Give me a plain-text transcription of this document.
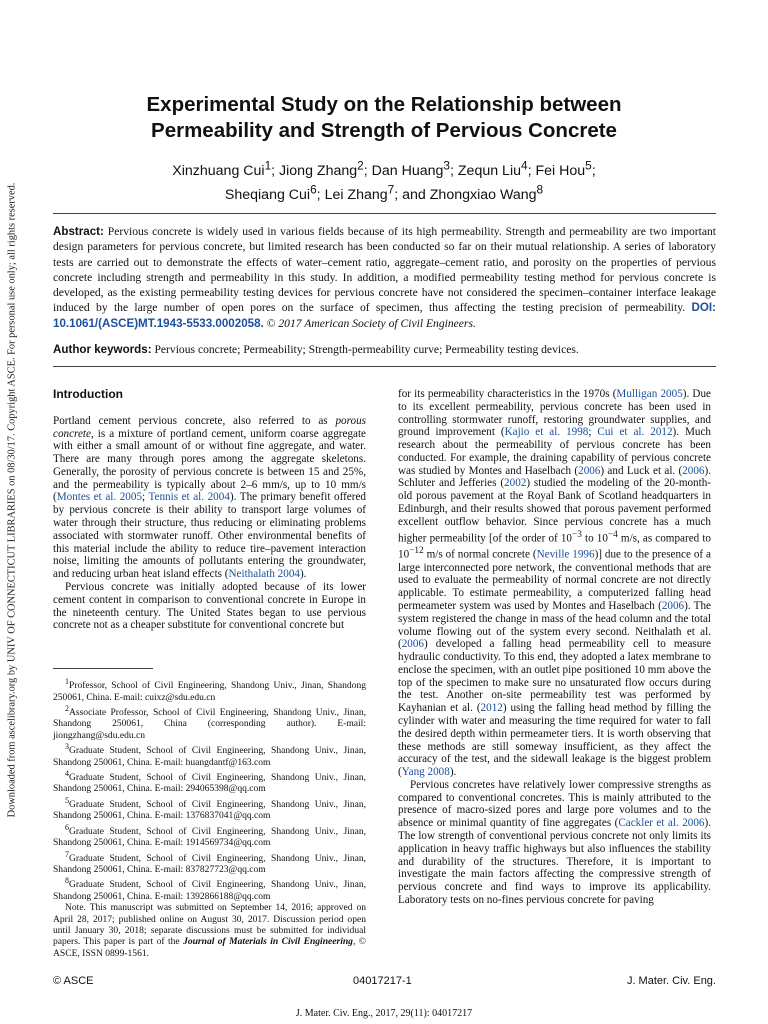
Downloaded from ascelibrary.org by UNIV OF CONNECTICUT LIBRARIES on 08/30/17. Copyright ASCE. For personal use only; all rights reserved.
Experimental Study on the Relationship between
Permeability and Strength of Pervious Concrete
Xinzhuang Cui$^1$; Jiong Zhang$^2$; Dan Huang$^3$; Zequn Liu$^4$; Fei Hou$^5$;
Sheqiang Cui$^6$; Lei Zhang$^7$; and Zhongxiao Wang$^8$

Abstract: Pervious concrete is widely used in various fields because of its high permeability. Strength and permeability are two important design parameters for pervious concrete, but limited research has been conducted so far on their mutual relationship. A series of laboratory tests are carried out to demonstrate the effects of water–cement ratio, aggregate–cement ratio, and porosity on the properties of pervious concrete including strength and permeability in this study. In addition, a modified permeability testing method for pervious concrete is developed, as the existing permeability testing devices for pervious concrete have not considered the specimen–container interface leakage induced by the large number of open pores on the surface of specimen, thus affecting the testing precision of permeability. DOI: 10.1061/(ASCE)MT.1943-5533.0002058. © 2017 American Society of Civil Engineers.

Author keywords: Pervious concrete; Permeability; Strength-permeability curve; Permeability testing devices.

Introduction

Portland cement pervious concrete, also referred to as porous concrete, is a mixture of portland cement, uniform coarse aggregate with either a small amount of or without fine aggregate, and water. There are many through pores among the aggregate skeletons. Generally, the porosity of pervious concrete is between 15 and 25%, and the permeability is typically about 2–6 mm/s, up to 10 mm/s (Montes et al. 2005; Tennis et al. 2004). The primary benefit offered by pervious concrete is their ability to transport large volumes of water through their structure, thus reducing or eliminating problems associated with stormwater runoff. Other environmental benefits of this material include the ability to reduce tire–pavement interaction noise, limiting the amounts of pollutants entering the groundwater, and reducing urban heat island effects (Neithalath 2004).

Pervious concrete was initially adopted because of its lower cement content in comparison to conventional concrete in Europe in the nineteenth century. The United States began to use pervious concrete not as a cheaper substitute for conventional concrete but

$^1$Professor, School of Civil Engineering, Shandong Univ., Jinan, Shandong 250061, China. E-mail: cuixz@sdu.edu.cn

$^2$Associate Professor, School of Civil Engineering, Shandong Univ., Jinan, Shandong 250061, China (corresponding author). E-mail: jiongzhang@sdu.edu.cn

$^3$Graduate Student, School of Civil Engineering, Shandong Univ., Jinan, Shandong 250061, China. E-mail: huangdantf@163.com

$^4$Graduate Student, School of Civil Engineering, Shandong Univ., Jinan, Shandong 250061, China. E-mail: 294065398@qq.com

$^5$Graduate Student, School of Civil Engineering, Shandong Univ., Jinan, Shandong 250061, China. E-mail: 1376837041@qq.com

$^6$Graduate Student, School of Civil Engineering, Shandong Univ., Jinan, Shandong 250061, China. E-mail: 1914569734@qq.com

$^7$Graduate Student, School of Civil Engineering, Shandong Univ., Jinan, Shandong 250061, China. E-mail: 837827723@qq.com

$^8$Graduate Student, School of Civil Engineering, Shandong Univ., Jinan, Shandong 250061, China. E-mail: 1392866188@qq.com

Note. This manuscript was submitted on September 14, 2016; approved on April 28, 2017; published online on August 30, 2017. Discussion period open until January 30, 2018; separate discussions must be submitted for individual papers. This paper is part of the Journal of Materials in Civil Engineering, © ASCE, ISSN 0899-1561.

for its permeability characteristics in the 1970s (Mulligan 2005). Due to its excellent permeability, pervious concrete has been used in controlling stormwater runoff, restoring groundwater supplies, and ground improvement (Kajio et al. 1998; Cui et al. 2012). Much research about the permeability of pervious concrete has been conducted. For example, the draining capability of pervious concrete was studied by Montes and Haselbach (2006) and Luck et al. (2006). Schluter and Jefferies (2002) studied the modeling of the 20-month-old porous pavement at the Royal Bank of Scotland headquarters in Edinburgh, and their results showed that porous pavement performed excellent outflow behavior. Since pervious concrete has a much higher permeability [of the order of $10^{-3}$ to $10^{-4}$ m/s, as compared to $10^{-12}$ m/s of normal concrete (Neville 1996)] due to the presence of a large interconnected pore network, the conventional methods that are used to evaluate the permeability of normal concrete are not directly applicable. To estimate permeability, a computerized falling head permeameter system was used by Montes and Haselbach (2006). The system registered the change in mass of the head column and the total volume flowing out of the system every second. Neithalath et al. (2006) developed a falling head permeability cell to measure hydraulic conductivity. To this end, they adopted a latex membrane to enclose the specimen, with an outlet pipe positioned 10 mm above the top of the specimen to make sure no unsaturated flow occurs during the test. Another on-site permeability test was performed by Kayhanian et al. (2012) using the falling head method by filling the cylinder with water and measuring the time required for water to fall the desired depth within permeameter tiers. It is worth observing that these methods are still someway insufficient, as they affect the accuracy of the test, and the sidewall leakage is the biggest problem (Yang 2008).

Pervious concretes have relatively lower compressive strengths as compared to conventional concretes. This is mainly attributed to the presence of macro-sized pores and large pore volumes and to the absence or minimal quantity of fine aggregates (Cackler et al. 2006). The low strength of conventional pervious concrete not only limits its application in heavy traffic highways but also influences the stability and durability of the structures. Therefore, it is important to investigate the main factors affecting the compressive strength of pervious concrete and find ways to improve its applicability. Laboratory tests on no-fines pervious concrete for paving

© ASCE	04017217-1	J. Mater. Civ. Eng.
J. Mater. Civ. Eng., 2017, 29(11): 04017217
